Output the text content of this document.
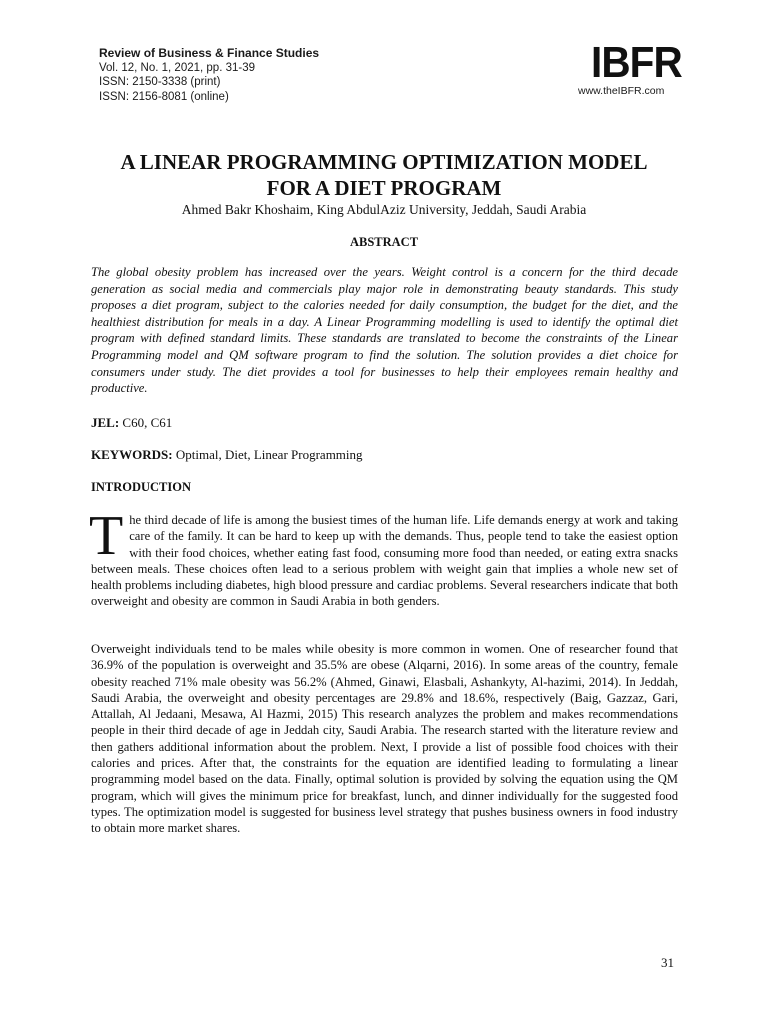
Review of Business & Finance Studies
Vol. 12, No. 1, 2021, pp. 31-39
ISSN: 2150-3338 (print)
ISSN: 2156-8081 (online)
IBFR
www.theIBFR.com
A LINEAR PROGRAMMING OPTIMIZATION MODEL
FOR A DIET PROGRAM
Ahmed Bakr Khoshaim, King AbdulAziz University, Jeddah, Saudi Arabia
ABSTRACT
The global obesity problem has increased over the years. Weight control is a concern for the third decade generation as social media and commercials play major role in demonstrating beauty standards. This study proposes a diet program, subject to the calories needed for daily consumption, the budget for the diet, and the healthiest distribution for meals in a day. A Linear Programming modelling is used to identify the optimal diet program with defined standard limits. These standards are translated to become the constraints of the Linear Programming model and QM software program to find the solution. The solution provides a diet choice for consumers under study. The diet provides a tool for businesses to help their employees remain healthy and productive.
JEL: C60, C61
KEYWORDS: Optimal, Diet, Linear Programming
INTRODUCTION
T he third decade of life is among the busiest times of the human life. Life demands energy at work and taking care of the family. It can be hard to keep up with the demands. Thus, people tend to take the easiest option with their food choices, whether eating fast food, consuming more food than needed, or eating extra snacks between meals. These choices often lead to a serious problem with weight gain that implies a whole new set of health problems including diabetes, high blood pressure and cardiac problems. Several researchers indicate that both overweight and obesity are common in Saudi Arabia in both genders.
Overweight individuals tend to be males while obesity is more common in women. One of researcher found that 36.9% of the population is overweight and 35.5% are obese (Alqarni, 2016). In some areas of the country, female obesity reached 71% male obesity was 56.2% (Ahmed, Ginawi, Elasbali, Ashankyty, Al-hazimi, 2014). In Jeddah, Saudi Arabia, the overweight and obesity percentages are 29.8% and 18.6%, respectively (Baig, Gazzaz, Gari, Attallah, Al Jedaani, Mesawa, Al Hazmi, 2015) This research analyzes the problem and makes recommendations people in their third decade of age in Jeddah city, Saudi Arabia. The research started with the literature review and then gathers additional information about the problem. Next, I provide a list of possible food choices with their calories and prices. After that, the constraints for the equation are identified leading to formulating a linear programming model based on the data. Finally, optimal solution is provided by solving the equation using the QM program, which will gives the minimum price for breakfast, lunch, and dinner individually for the suggested food types. The optimization model is suggested for business level strategy that pushes business owners in food industry to obtain more market shares.
31
